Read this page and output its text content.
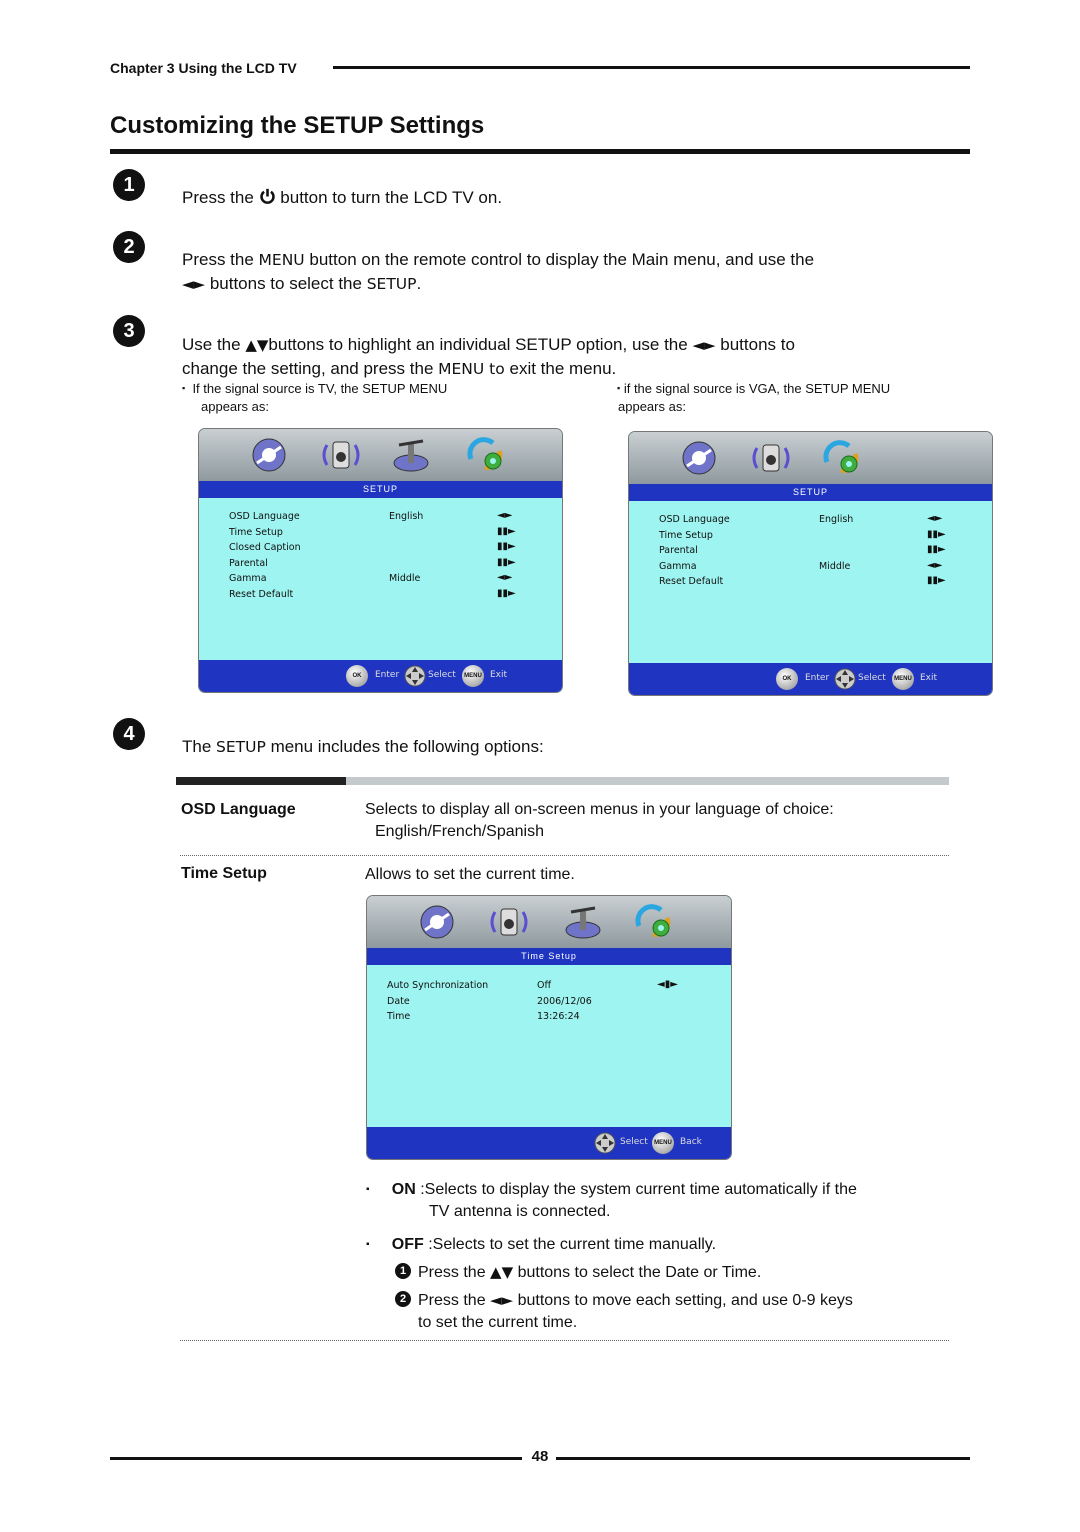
Chapter 3 Using the LCD TV
Customizing the SETUP Settings
1
Press the button to turn the LCD TV on.
2
Press the MENU button on the remote control to display the Main menu, and use the
◄► buttons to select the SETUP.
3
Use the ▲▼buttons to highlight an individual SETUP option, use the ◄► buttons to
change the setting, and press the MENU to exit the menu.
▪ If the signal source is TV, the SETUP MENU
appears as:
▪ if the signal source is VGA, the SETUP MENU
appears as:
SETUP
OSD Language	English	◄►
Time Setup	▮▮►
Closed Caption	▮▮►
Parental	▮▮►
Gamma	Middle	◄►
Reset Default	▮▮►
OK	Enter	Select	MENU Exit
SETUP
OSD Language	English	◄►
Time Setup	▮▮►
Parental	▮▮►
Gamma	Middle	◄►
Reset Default	▮▮►
OK	Enter	Select	MENU Exit
4
The SETUP menu includes the following options:
OSD Language	Selects to display all on-screen menus in your language of choice:
English/French/Spanish
Time Setup	Allows to set the current time.
Time Setup
Auto Synchronization	Off	◄▮►
Date	2006/12/06
Time	13:26:24
Select	MENU Back
▪ ON :Selects to display the system current time automatically if the
TV antenna is connected.
▪ OFF :Selects to set the current time manually.
1 Press the ▲▼ buttons to select the Date or Time.
2 Press the ◄► buttons to move each setting, and use 0-9 keys
to set the current time.
48
